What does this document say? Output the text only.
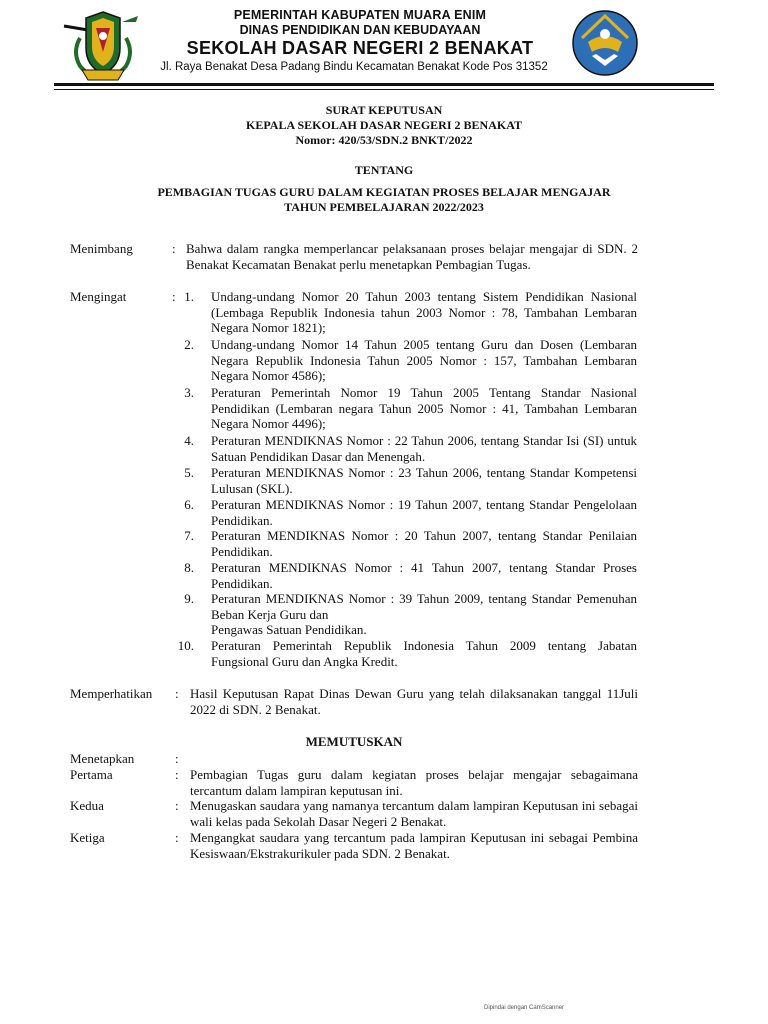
PEMERINTAH KABUPATEN MUARA ENIM
DINAS PENDIDIKAN DAN KEBUDAYAAN
SEKOLAH DASAR NEGERI 2 BENAKAT
Jl. Raya Benakat Desa Padang Bindu Kecamatan Benakat Kode Pos 31352
SURAT KEPUTUSAN
KEPALA SEKOLAH DASAR NEGERI 2 BENAKAT
Nomor: 420/53/SDN.2 BNKT/2022
TENTANG
PEMBAGIAN TUGAS GURU DALAM KEGIATAN PROSES BELAJAR MENGAJAR
TAHUN PEMBELAJARAN 2022/2023
Menimbang	: Bahwa dalam rangka memperlancar pelaksanaan proses belajar mengajar di SDN. 2 Benakat Kecamatan Benakat perlu menetapkan Pembagian Tugas.
Mengingat	: 1. Undang-undang Nomor 20 Tahun 2003 tentang Sistem Pendidikan Nasional (Lembaga Republik Indonesia tahun 2003 Nomor : 78, Tambahan Lembaran Negara Nomor 1821);
2. Undang-undang Nomor 14 Tahun 2005 tentang Guru dan Dosen (Lembaran Negara Republik Indonesia Tahun 2005 Nomor : 157, Tambahan Lembaran Negara Nomor 4586);
3. Peraturan Pemerintah Nomor 19 Tahun 2005 Tentang Standar Nasional Pendidikan (Lembaran negara Tahun 2005 Nomor : 41, Tambahan Lembaran Negara Nomor 4496);
4. Peraturan MENDIKNAS Nomor : 22 Tahun 2006, tentang Standar Isi (SI) untuk Satuan Pendidikan Dasar dan Menengah.
5. Peraturan MENDIKNAS Nomor : 23 Tahun 2006, tentang Standar Kompetensi Lulusan (SKL).
6. Peraturan MENDIKNAS Nomor : 19 Tahun 2007, tentang Standar Pengelolaan Pendidikan.
7. Peraturan MENDIKNAS Nomor : 20 Tahun 2007, tentang Standar Penilaian Pendidikan.
8. Peraturan MENDIKNAS Nomor : 41 Tahun 2007, tentang Standar Proses Pendidikan.
9. Peraturan MENDIKNAS Nomor : 39 Tahun 2009, tentang Standar Pemenuhan Beban Kerja Guru dan
Pengawas Satuan Pendidikan.
10. Peraturan Pemerintah Republik Indonesia Tahun 2009 tentang Jabatan Fungsional Guru dan Angka Kredit.
Memperhatikan : Hasil Keputusan Rapat Dinas Dewan Guru yang telah dilaksanakan tanggal 11Juli 2022 di SDN. 2 Benakat.
MEMUTUSKAN
Menetapkan	:
Pertama	: Pembagian Tugas guru dalam kegiatan proses belajar mengajar sebagaimana tercantum dalam lampiran keputusan ini.
Kedua	: Menugaskan saudara yang namanya tercantum dalam lampiran Keputusan ini sebagai wali kelas pada Sekolah Dasar Negeri 2 Benakat.
Ketiga	: Mengangkat saudara yang tercantum pada lampiran Keputusan ini sebagai Pembina Kesiswaan/Ekstrakurikuler pada SDN. 2 Benakat.
Dipindai dengan CamScanner
